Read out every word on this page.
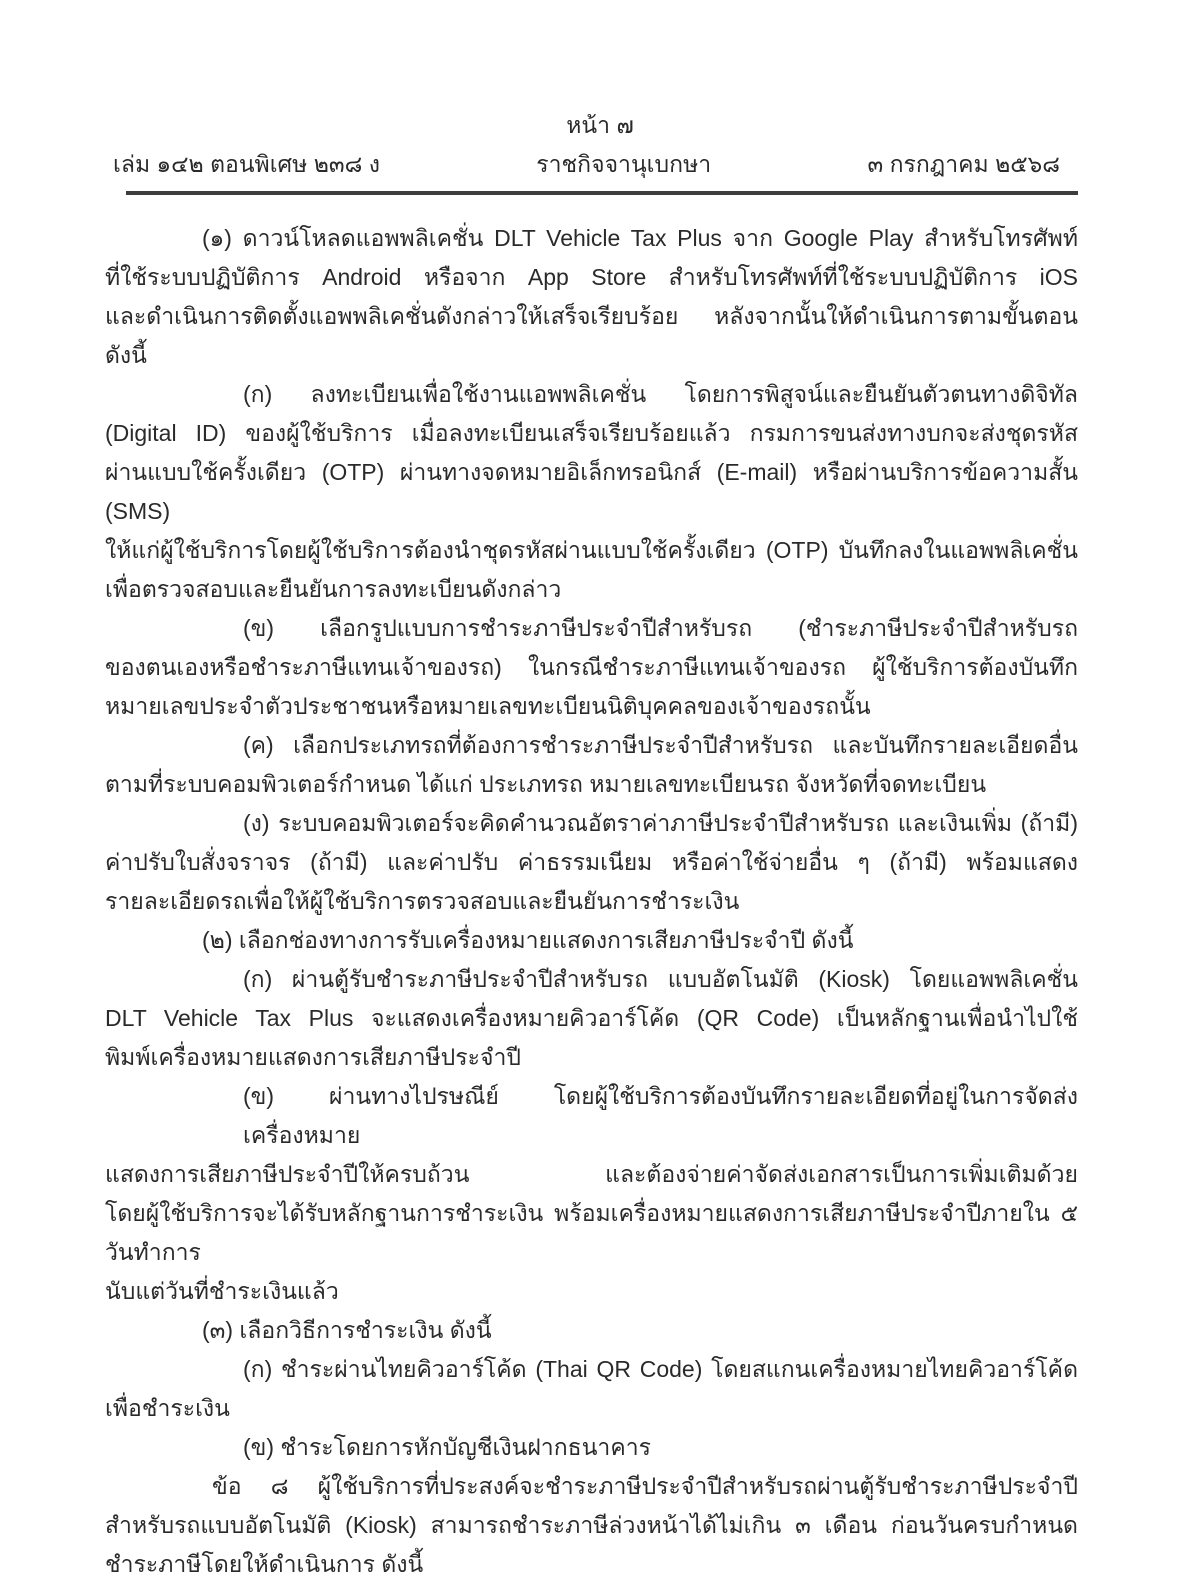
หน้า ๗
เล่ม ๑๔๒ ตอนพิเศษ ๒๓๘ ง	ราชกิจจานุเบกษา	๓ กรกฎาคม ๒๕๖๘
(๑) ดาวน์โหลดแอพพลิเคชั่น DLT Vehicle Tax Plus จาก Google Play สำหรับโทรศัพท์
ที่ใช้ระบบปฏิบัติการ Android หรือจาก App Store สำหรับโทรศัพท์ที่ใช้ระบบปฏิบัติการ iOS
และดำเนินการติดตั้งแอพพลิเคชั่นดังกล่าวให้เสร็จเรียบร้อย หลังจากนั้นให้ดำเนินการตามขั้นตอน ดังนี้
(ก) ลงทะเบียนเพื่อใช้งานแอพพลิเคชั่น โดยการพิสูจน์และยืนยันตัวตนทางดิจิทัล
(Digital ID) ของผู้ใช้บริการ เมื่อลงทะเบียนเสร็จเรียบร้อยแล้ว กรมการขนส่งทางบกจะส่งชุดรหัส
ผ่านแบบใช้ครั้งเดียว (OTP) ผ่านทางจดหมายอิเล็กทรอนิกส์ (E-mail) หรือผ่านบริการข้อความสั้น (SMS)
ให้แก่ผู้ใช้บริการโดยผู้ใช้บริการต้องนำชุดรหัสผ่านแบบใช้ครั้งเดียว (OTP) บันทึกลงในแอพพลิเคชั่น
เพื่อตรวจสอบและยืนยันการลงทะเบียนดังกล่าว
(ข) เลือกรูปแบบการชำระภาษีประจำปีสำหรับรถ (ชำระภาษีประจำปีสำหรับรถ
ของตนเองหรือชำระภาษีแทนเจ้าของรถ) ในกรณีชำระภาษีแทนเจ้าของรถ ผู้ใช้บริการต้องบันทึก
หมายเลขประจำตัวประชาชนหรือหมายเลขทะเบียนนิติบุคคลของเจ้าของรถนั้น
(ค) เลือกประเภทรถที่ต้องการชำระภาษีประจำปีสำหรับรถ และบันทึกรายละเอียดอื่น
ตามที่ระบบคอมพิวเตอร์กำหนด ได้แก่ ประเภทรถ หมายเลขทะเบียนรถ จังหวัดที่จดทะเบียน
(ง) ระบบคอมพิวเตอร์จะคิดคำนวณอัตราค่าภาษีประจำปีสำหรับรถ และเงินเพิ่ม (ถ้ามี)
ค่าปรับใบสั่งจราจร (ถ้ามี) และค่าปรับ ค่าธรรมเนียม หรือค่าใช้จ่ายอื่น ๆ (ถ้ามี) พร้อมแสดง
รายละเอียดรถเพื่อให้ผู้ใช้บริการตรวจสอบและยืนยันการชำระเงิน
(๒) เลือกช่องทางการรับเครื่องหมายแสดงการเสียภาษีประจำปี ดังนี้
(ก) ผ่านตู้รับชำระภาษีประจำปีสำหรับรถ แบบอัตโนมัติ (Kiosk) โดยแอพพลิเคชั่น
DLT Vehicle Tax Plus จะแสดงเครื่องหมายคิวอาร์โค้ด (QR Code) เป็นหลักฐานเพื่อนำไปใช้
พิมพ์เครื่องหมายแสดงการเสียภาษีประจำปี
(ข) ผ่านทางไปรษณีย์ โดยผู้ใช้บริการต้องบันทึกรายละเอียดที่อยู่ในการจัดส่งเครื่องหมาย
แสดงการเสียภาษีประจำปีให้ครบถ้วน และต้องจ่ายค่าจัดส่งเอกสารเป็นการเพิ่มเติมด้วย
โดยผู้ใช้บริการจะได้รับหลักฐานการชำระเงิน พร้อมเครื่องหมายแสดงการเสียภาษีประจำปีภายใน ๕ วันทำการ
นับแต่วันที่ชำระเงินแล้ว
(๓) เลือกวิธีการชำระเงิน ดังนี้
(ก) ชำระผ่านไทยคิวอาร์โค้ด (Thai QR Code) โดยสแกนเครื่องหมายไทยคิวอาร์โค้ด
เพื่อชำระเงิน
(ข) ชำระโดยการหักบัญชีเงินฝากธนาคาร
ข้อ ๘ ผู้ใช้บริการที่ประสงค์จะชำระภาษีประจำปีสำหรับรถผ่านตู้รับชำระภาษีประจำปี
สำหรับรถแบบอัตโนมัติ (Kiosk) สามารถชำระภาษีล่วงหน้าได้ไม่เกิน ๓ เดือน ก่อนวันครบกำหนด
ชำระภาษีโดยให้ดำเนินการ ดังนี้
